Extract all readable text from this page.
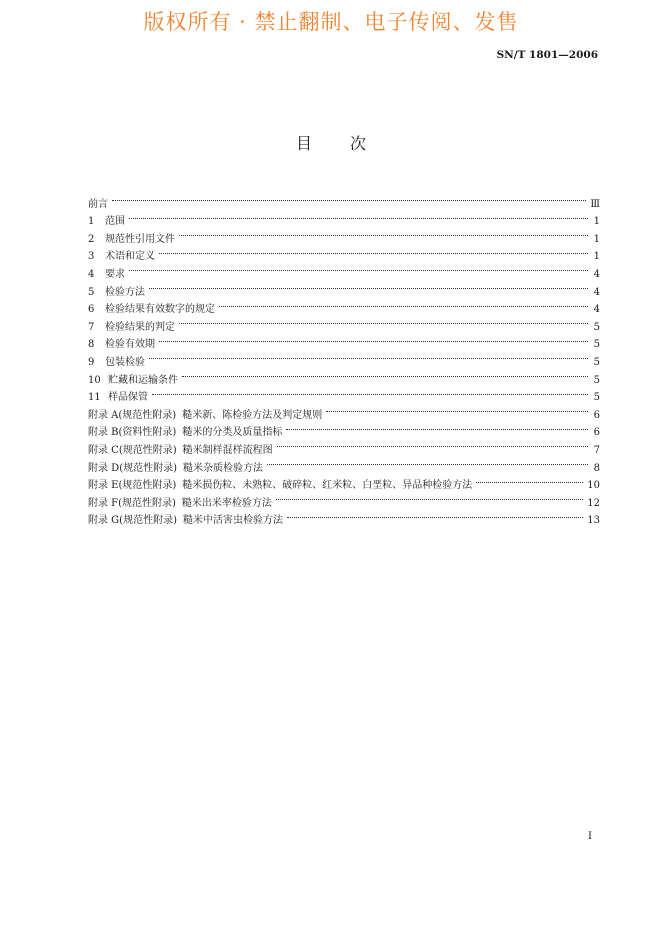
版权所有 · 禁止翻制、电子传阅、发售
SN/T 1801—2006
目 次
前言	Ⅲ
1	范围	1
2	规范性引用文件	1
3	术语和定义	1
4	要求	4
5	检验方法	4
6	检验结果有效数字的规定	4
7	检验结果的判定	5
8	检验有效期	5
9	包装检验	5
10 贮藏和运输条件	5
11 样品保管	5
附录 A(规范性附录) 糙米新、陈检验方法及判定规则	6
附录 B(资料性附录) 糙米的分类及质量指标	6
附录 C(规范性附录) 糙米制样混样流程图	7
附录 D(规范性附录) 糙米杂质检验方法	8
附录 E(规范性附录) 糙米损伤粒、未熟粒、破碎粒、红米粒、白垩粒、异品种检验方法	10
附录 F(规范性附录) 糙米出米率检验方法	12
附录 G(规范性附录) 糙米中活害虫检验方法	13
I
